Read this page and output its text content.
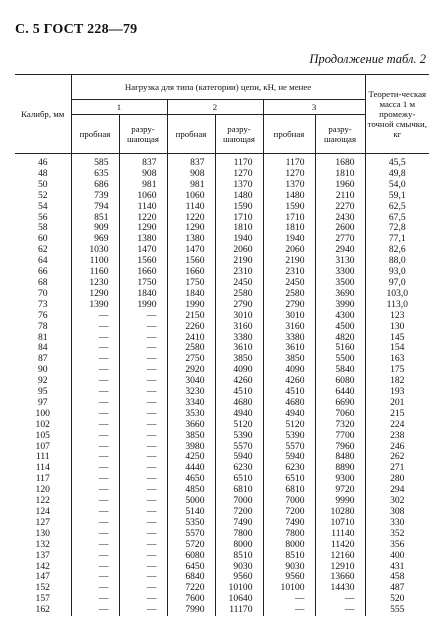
С. 5 ГОСТ 228—79
Продолжение табл. 2
Калибр, мм	Нагрузка для типа (категории) цепи, кН, не менее						Теорети-ческая масса 1 м промежу-точной смычки, кг
	1		2		3		
	пробная	разру-шающая	пробная	разру-шающая	пробная	разру-шающая	
46	585	837	837	1170	1170	1680	45,5
48	635	908	908	1270	1270	1810	49,8
50	686	981	981	1370	1370	1960	54,0
52	739	1060	1060	1480	1480	2110	59,1
54	794	1140	1140	1590	1590	2270	62,5
56	851	1220	1220	1710	1710	2430	67,5
58	909	1290	1290	1810	1810	2600	72,8
60	969	1380	1380	1940	1940	2770	77,1
62	1030	1470	1470	2060	2060	2940	82,6
64	1100	1560	1560	2190	2190	3130	88,0
66	1160	1660	1660	2310	2310	3300	93,0
68	1230	1750	1750	2450	2450	3500	97,0
70	1290	1840	1840	2580	2580	3690	103,0
73	1390	1990	1990	2790	2790	3990	113,0
76	—	—	2150	3010	3010	4300	123
78	—	—	2260	3160	3160	4500	130
81	—	—	2410	3380	3380	4820	145
84	—	—	2580	3610	3610	5160	154
87	—	—	2750	3850	3850	5500	163
90	—	—	2920	4090	4090	5840	175
92	—	—	3040	4260	4260	6080	182
95	—	—	3230	4510	4510	6440	193
97	—	—	3340	4680	4680	6690	201
100	—	—	3530	4940	4940	7060	215
102	—	—	3660	5120	5120	7320	224
105	—	—	3850	5390	5390	7700	238
107	—	—	3980	5570	5570	7960	246
111	—	—	4250	5940	5940	8480	262
114	—	—	4440	6230	6230	8890	271
117	—	—	4650	6510	6510	9300	280
120	—	—	4850	6810	6810	9720	294
122	—	—	5000	7000	7000	9990	302
124	—	—	5140	7200	7200	10280	308
127	—	—	5350	7490	7490	10710	330
130	—	—	5570	7800	7800	11140	352
132	—	—	5720	8000	8000	11420	356
137	—	—	6080	8510	8510	12160	400
142	—	—	6450	9030	9030	12910	431
147	—	—	6840	9560	9560	13660	458
152	—	—	7220	10100	10100	14430	487
157	—	—	7600	10640	—	—	520
162	—	—	7990	11170	—	—	555
